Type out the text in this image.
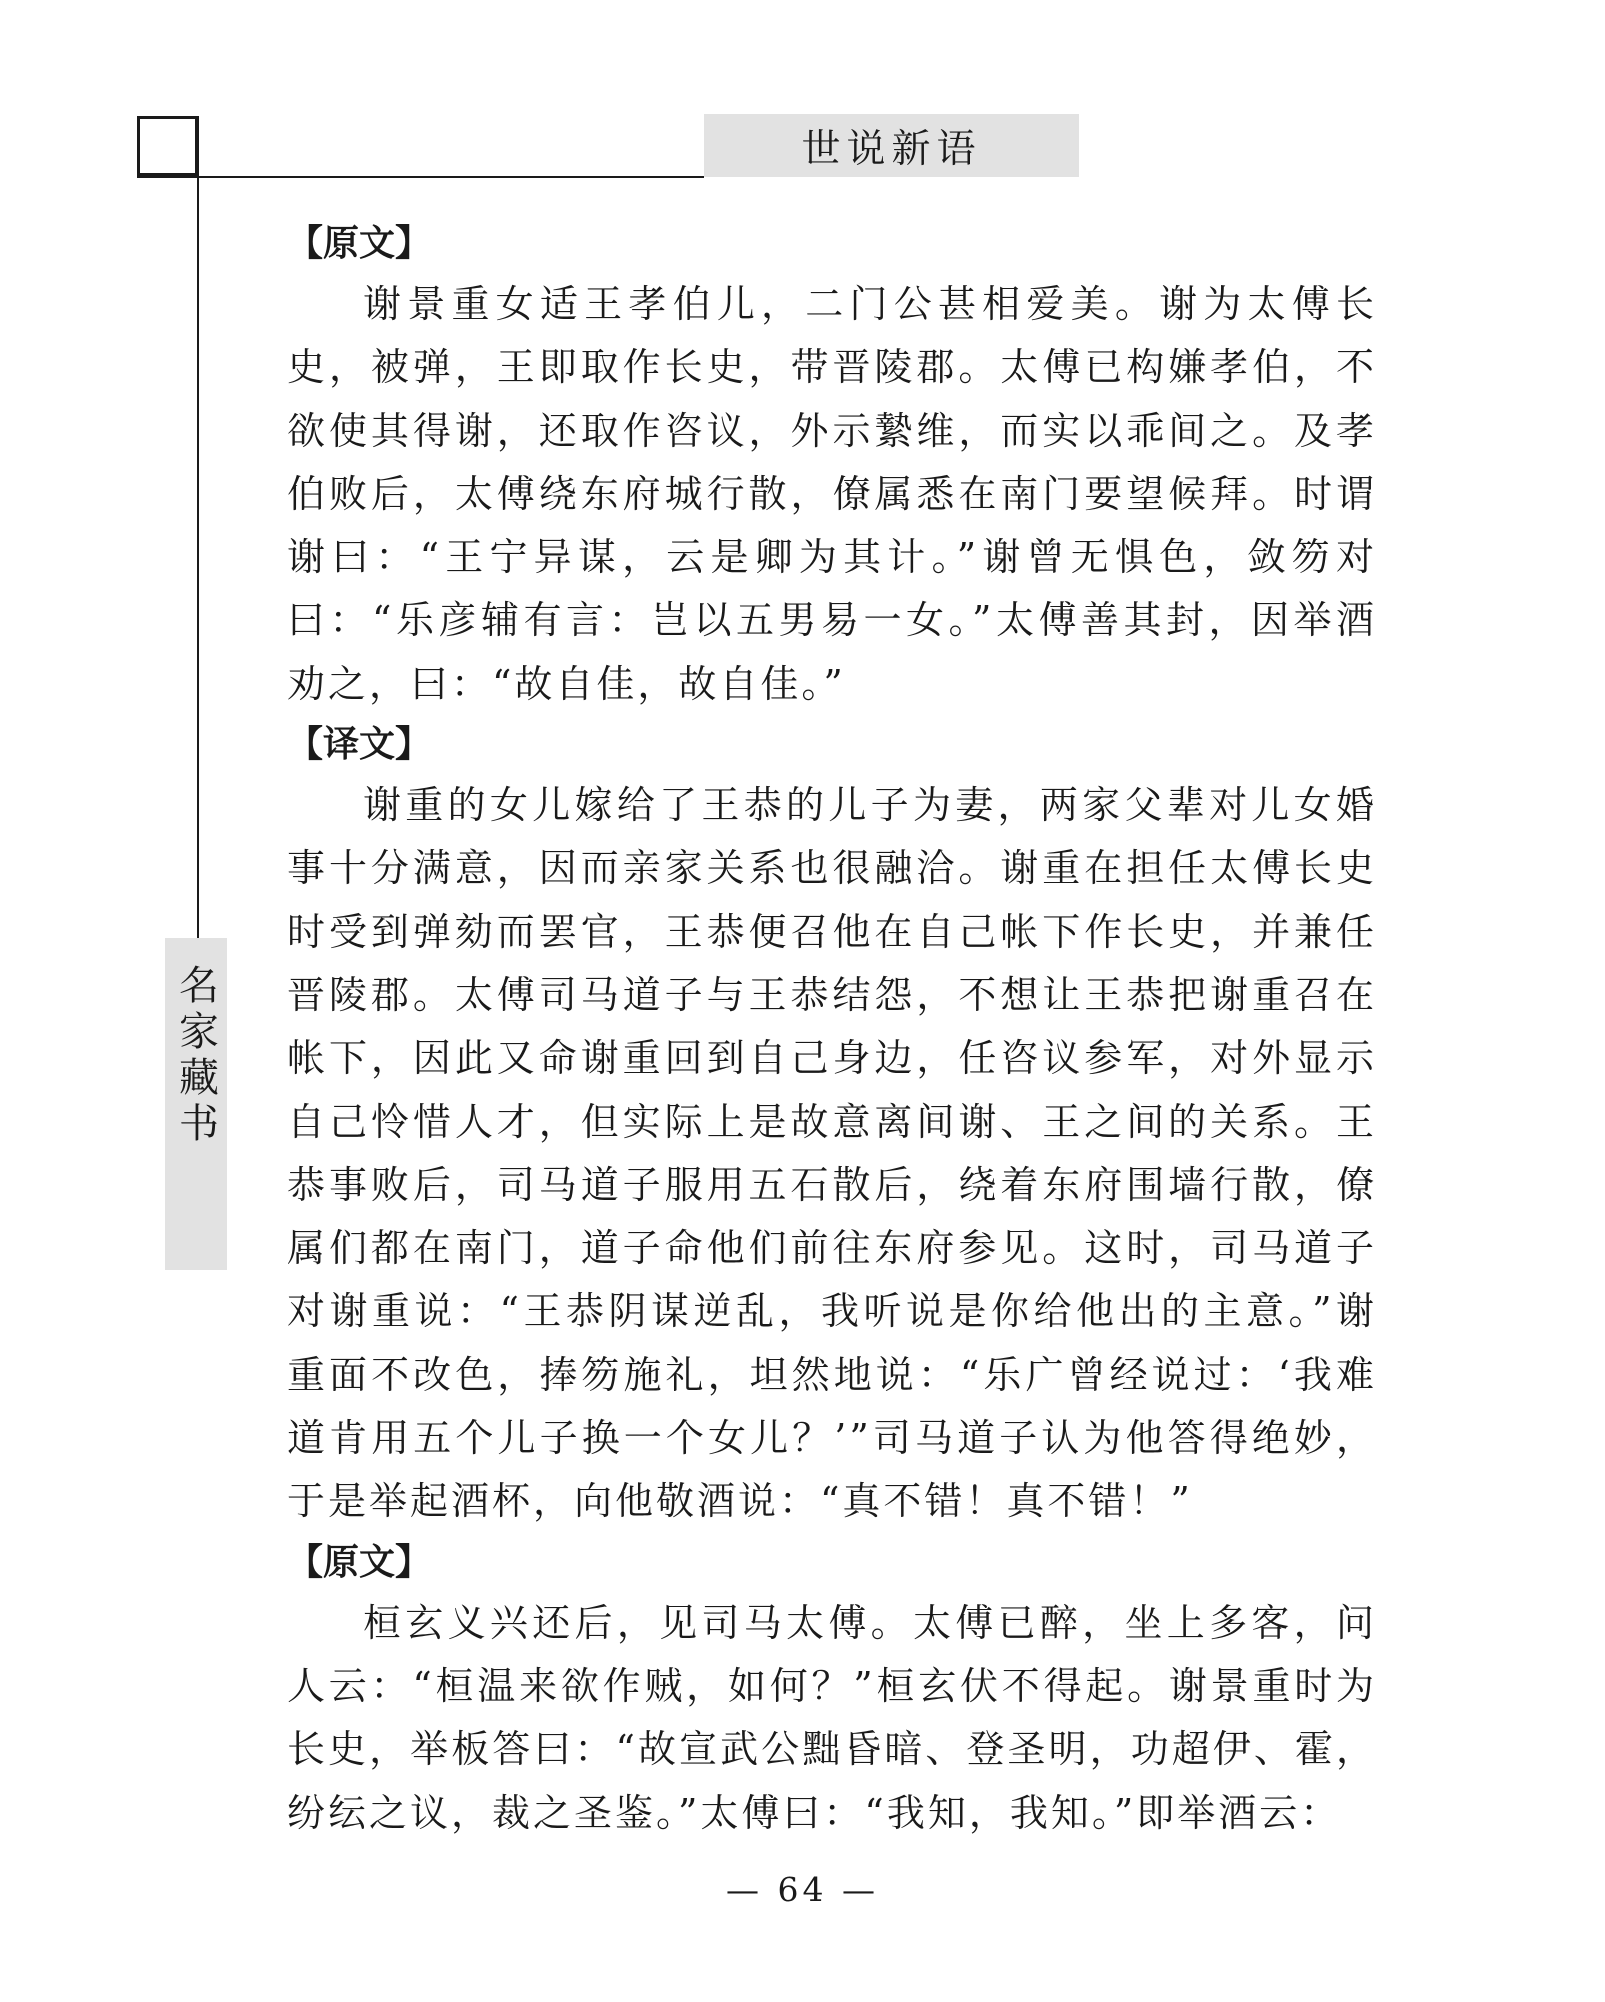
世说新语
名家藏书
【原文】

谢景重女适王孝伯儿，二门公甚相爱美。谢为太傅长史，被弹，王即取作长史，带晋陵郡。太傅已构嫌孝伯，不欲使其得谢，还取作咨议，外示縶维，而实以乖间之。及孝伯败后，太傅绕东府城行散，僚属悉在南门要望候拜。时谓谢曰：“王宁异谋，云是卿为其计。”谢曾无惧色，敛笏对曰：“乐彦辅有言：岂以五男易一女。”太傅善其封，因举酒劝之，曰：“故自佳，故自佳。”

【译文】

谢重的女儿嫁给了王恭的儿子为妻，两家父辈对儿女婚事十分满意，因而亲家关系也很融洽。谢重在担任太傅长史时受到弹劾而罢官，王恭便召他在自己帐下作长史，并兼任晋陵郡。太傅司马道子与王恭结怨，不想让王恭把谢重召在帐下，因此又命谢重回到自己身边，任咨议参军，对外显示自己怜惜人才，但实际上是故意离间谢、王之间的关系。王恭事败后，司马道子服用五石散后，绕着东府围墙行散，僚属们都在南门，道子命他们前往东府参见。这时，司马道子对谢重说：“王恭阴谋逆乱，我听说是你给他出的主意。”谢重面不改色，捧笏施礼，坦然地说：“乐广曾经说过：‘我难道肯用五个儿子换一个女儿？’”司马道子认为他答得绝妙，于是举起酒杯，向他敬酒说：“真不错！真不错！”

【原文】

桓玄义兴还后，见司马太傅。太傅已醉，坐上多客，问人云：“桓温来欲作贼，如何？”桓玄伏不得起。谢景重时为长史，举板答曰：“故宣武公黜昏暗、登圣明，功超伊、霍，纷纭之议，裁之圣鉴。”太傅曰：“我知，我知。”即举酒云：

— 64 —
